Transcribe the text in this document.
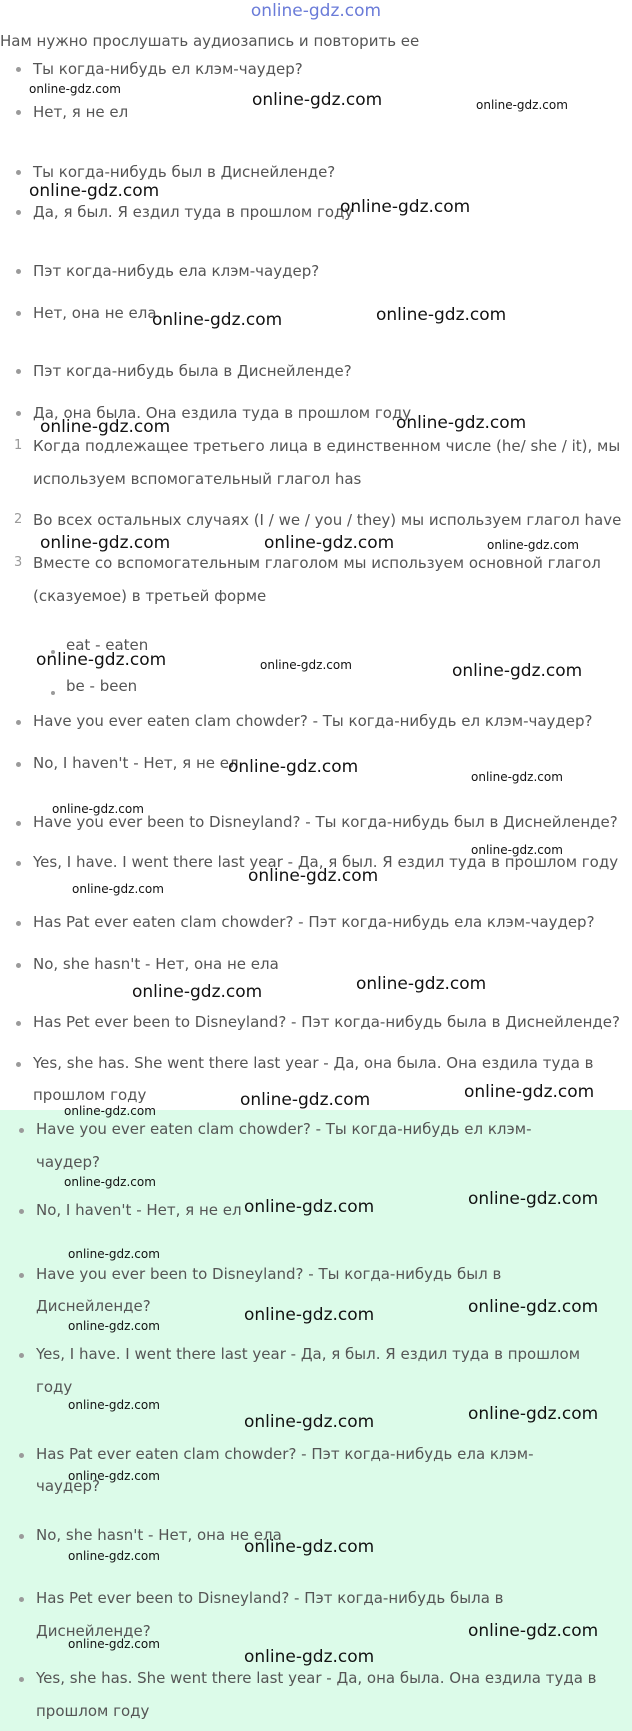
online-gdz.com
Нам нужно прослушать аудиозапись и повторить ее
Ты когда-нибудь ел клэм-чаудер?
Нет, я не ел
Ты когда-нибудь был в Диснейленде?
Да, я был. Я ездил туда в прошлом году
Пэт когда-нибудь ела клэм-чаудер?
Нет, она не ела
Пэт когда-нибудь была в Диснейленде?
Да, она была. Она ездила туда в прошлом году
1 Когда подлежащее третьего лица в единственном числе (he/ she / it), мы
используем вспомогательный глагол has
2 Во всех остальных случаях (I / we / you / they) мы используем глагол have
3 Вместе со вспомогательным глаголом мы используем основной глагол
(сказуемое) в третьей форме
eat - eaten
be - been
Have you ever eaten clam chowder? - Ты когда-нибудь ел клэм-чаудер?
No, I haven't - Нет, я не ел
Have you ever been to Disneyland? - Ты когда-нибудь был в Диснейленде?
Yes, I have. I went there last year - Да, я был. Я ездил туда в прошлом году
Has Pat ever eaten clam chowder? - Пэт когда-нибудь ела клэм-чаудер?
No, she hasn't - Нет, она не ела
Has Pet ever been to Disneyland? - Пэт когда-нибудь была в Диснейленде?
Yes, she has. She went there last year - Да, она была. Она ездила туда в
прошлом году
Have you ever eaten clam chowder? - Ты когда-нибудь ел клэм-
чаудер?
No, I haven't - Нет, я не ел
Have you ever been to Disneyland? - Ты когда-нибудь был в
Диснейленде?
Yes, I have. I went there last year - Да, я был. Я ездил туда в прошлом
году
Has Pat ever eaten clam chowder? - Пэт когда-нибудь ела клэм-
чаудер?
No, she hasn't - Нет, она не ела
Has Pet ever been to Disneyland? - Пэт когда-нибудь была в
Диснейленде?
Yes, she has. She went there last year - Да, она была. Она ездила туда в
прошлом году
online-gdz.com
online-gdz.com	online-gdz.com
online-gdz.com
online-gdz.com
online-gdz.com	online-gdz.com
online-gdz.com	online-gdz.com
online-gdz.com	online-gdz.com	online-gdz.com
online-gdz.com	online-gdz.com	online-gdz.com
online-gdz.com	online-gdz.com
online-gdz.com
online-gdz.com
online-gdz.com
online-gdz.com
online-gdz.com
online-gdz.com
online-gdz.com
online-gdz.com
online-gdz.com
online-gdz.com
online-gdz.com
online-gdz.com
online-gdz.com
online-gdz.com
online-gdz.com
online-gdz.com
online-gdz.com	online-gdz.com
online-gdz.com
online-gdz.com
online-gdz.com
online-gdz.com
online-gdz.com
online-gdz.com
online-gdz.com
